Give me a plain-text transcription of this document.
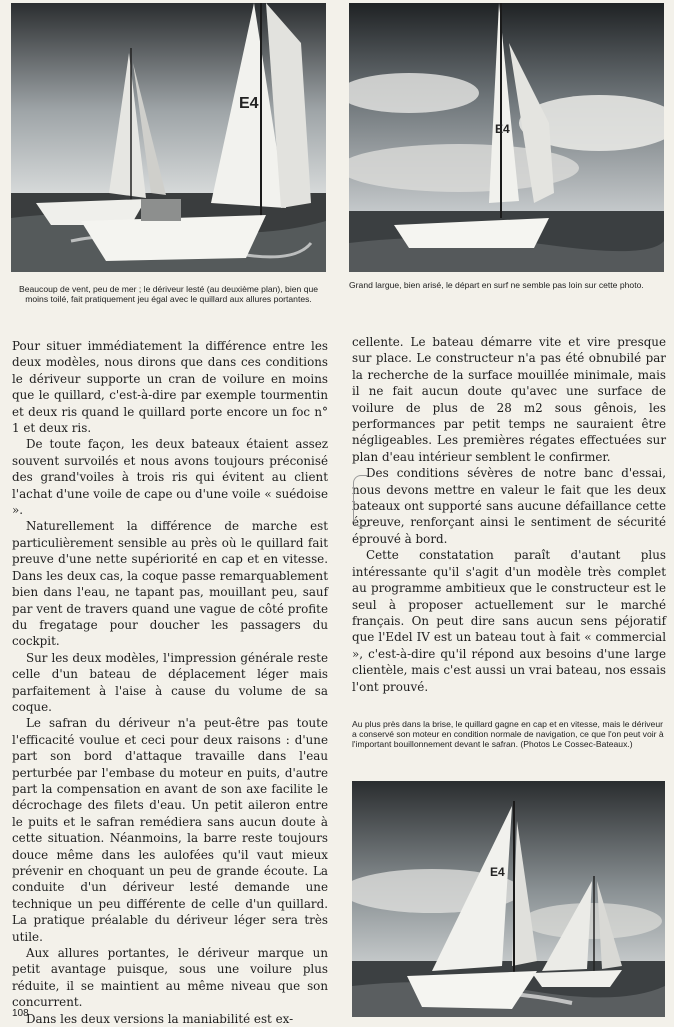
E4
E4

Beaucoup de vent, peu de mer ; le dériveur lesté (au deuxième plan), bien que moins toilé, fait pratiquement jeu égal avec le quillard aux allures portantes.

Grand largue, bien arisé, le départ en surf ne semble pas loin sur cette photo.

Pour situer immédiatement la différence entre les deux modèles, nous dirons que dans ces conditions le dériveur supporte un cran de voilure en moins que le quillard, c'est-à-dire par exemple tourmentin et deux ris quand le quillard porte encore un foc n° 1 et deux ris.

De toute façon, les deux bateaux étaient assez souvent survoilés et nous avons toujours préconisé des grand'voiles à trois ris qui évitent au client l'achat d'une voile de cape ou d'une voile « suédoise ».

Naturellement la différence de marche est particulièrement sensible au près où le quillard fait preuve d'une nette supériorité en cap et en vitesse. Dans les deux cas, la coque passe remarquablement bien dans l'eau, ne tapant pas, mouillant peu, sauf par vent de travers quand une vague de côté profite du fregatage pour doucher les passagers du cockpit.

Sur les deux modèles, l'impression générale reste celle d'un bateau de déplacement léger mais parfaitement à l'aise à cause du volume de sa coque.

Le safran du dériveur n'a peut-être pas toute l'efficacité voulue et ceci pour deux raisons : d'une part son bord d'attaque travaille dans l'eau perturbée par l'embase du moteur en puits, d'autre part la compensation en avant de son axe facilite le décrochage des filets d'eau. Un petit aileron entre le puits et le safran remédiera sans aucun doute à cette situation. Néanmoins, la barre reste toujours douce même dans les aulofées qu'il vaut mieux prévenir en choquant un peu de grande écoute. La conduite d'un dériveur lesté demande une technique un peu différente de celle d'un quillard. La pratique préalable du dériveur léger sera très utile.

Aux allures portantes, le dériveur marque un petit avantage puisque, sous une voilure plus réduite, il se maintient au même niveau que son concurrent.

Dans les deux versions la maniabilité est ex-

cellente. Le bateau démarre vite et vire presque sur place. Le constructeur n'a pas été obnubilé par la recherche de la surface mouillée minimale, mais il ne fait aucun doute qu'avec une surface de voilure de plus de 28 m2 sous gênois, les performances par petit temps ne sauraient être négligeables. Les premières régates effectuées sur plan d'eau intérieur semblent le confirmer.

Des conditions sévères de notre banc d'essai, nous devons mettre en valeur le fait que les deux bateaux ont supporté sans aucune défaillance cette épreuve, renforçant ainsi le sentiment de sécurité éprouvé à bord.

Cette constatation paraît d'autant plus intéressante qu'il s'agit d'un modèle très complet au programme ambitieux que le constructeur est le seul à proposer actuellement sur le marché français. On peut dire sans aucun sens péjoratif que l'Edel IV est un bateau tout à fait « commercial », c'est-à-dire qu'il répond aux besoins d'une large clientèle, mais c'est aussi un vrai bateau, nos essais l'ont prouvé.

Au plus près dans la brise, le quillard gagne en cap et en vitesse, mais le dériveur a conservé son moteur en condition normale de navigation, ce que l'on peut voir à l'important bouillonnement devant le safran. (Photos Le Cossec-Bateaux.)

E4
108
